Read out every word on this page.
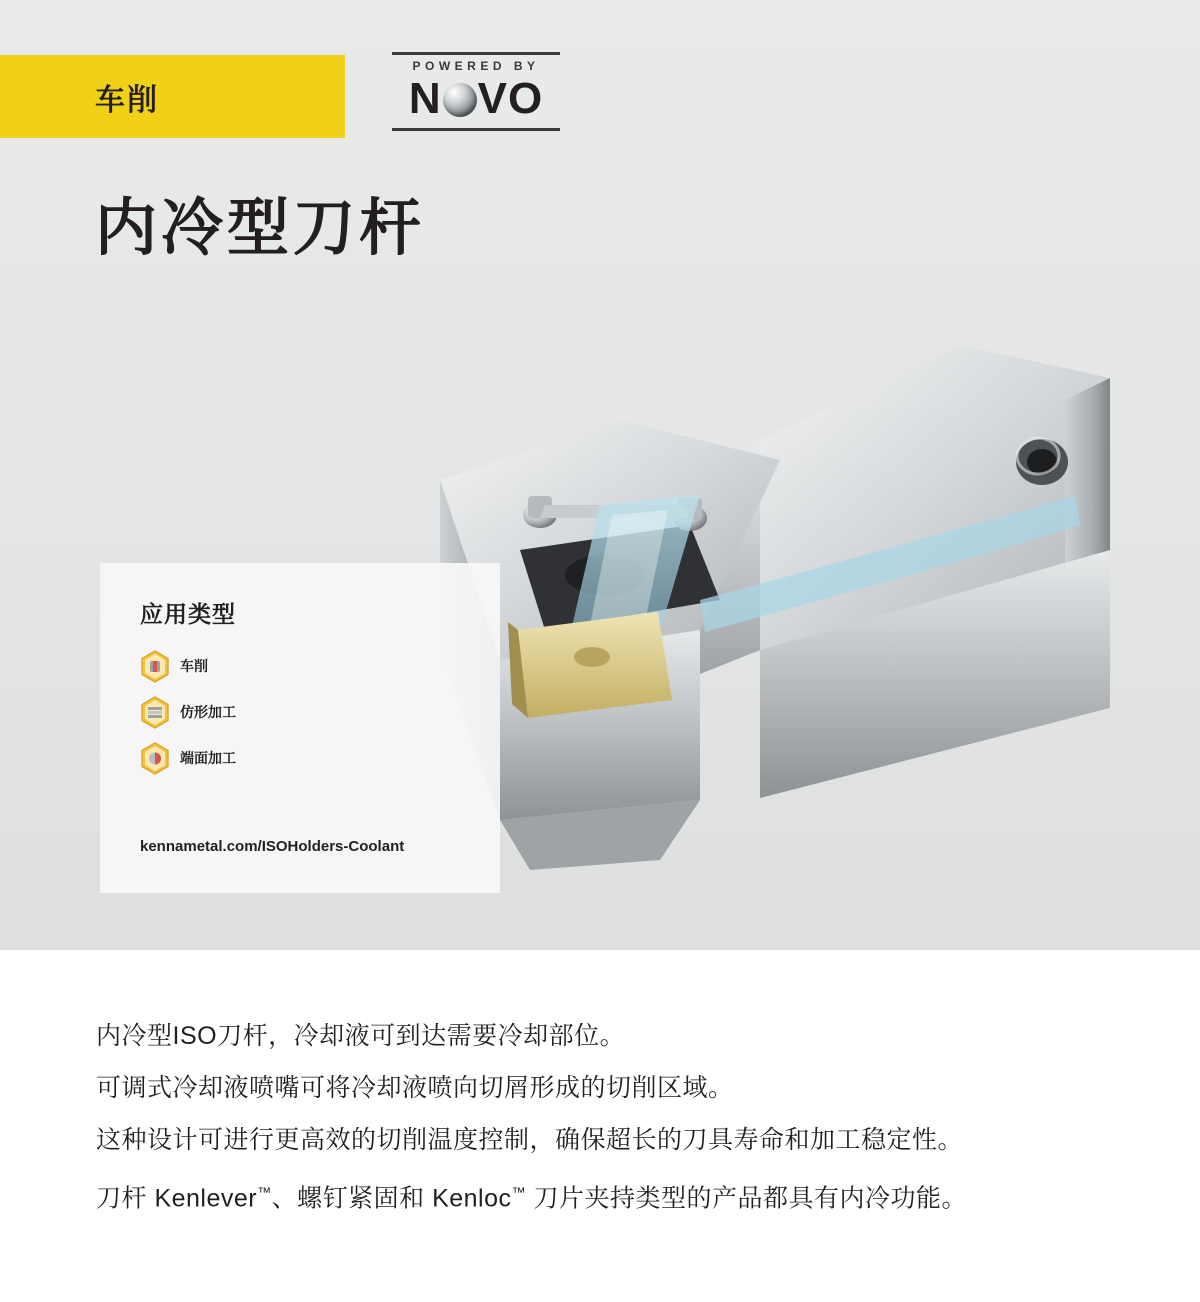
车削
POWERED BY
N VO
内冷型刀杆
应用类型
车削
仿形加工
端面加工
kennametal.com/ISOHolders-Coolant

内冷型ISO刀杆，冷却液可到达需要冷却部位。

可调式冷却液喷嘴可将冷却液喷向切屑形成的切削区域。

这种设计可进行更高效的切削温度控制，确保超长的刀具寿命和加工稳定性。

刀杆 Kenlever™、螺钉紧固和 Kenloc™ 刀片夹持类型的产品都具有内冷功能。
